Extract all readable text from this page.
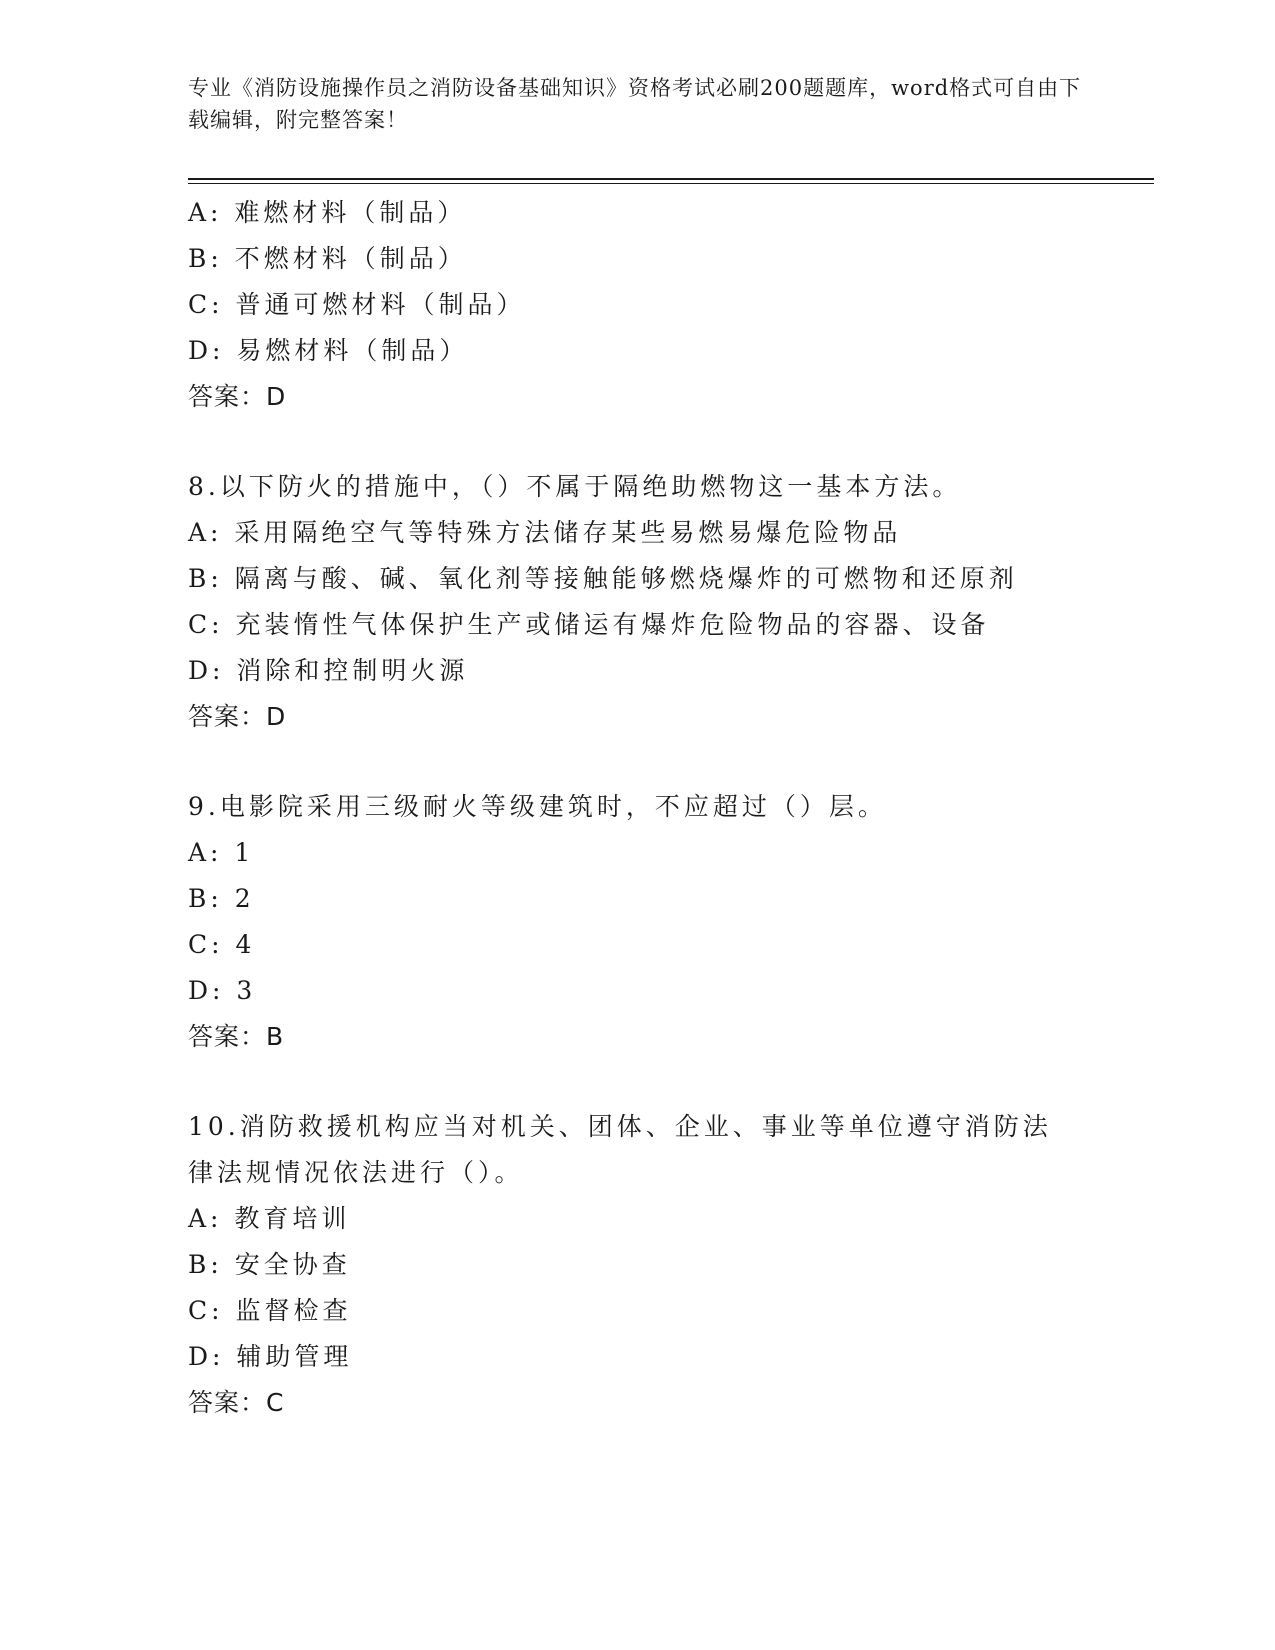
专业《消防设施操作员之消防设备基础知识》资格考试必刷200题题库，word格式可自由下载编辑，附完整答案！
A: 难燃材料（制品）
B: 不燃材料（制品）
C: 普通可燃材料（制品）
D: 易燃材料（制品）
答案：D
8.以下防火的措施中，（）不属于隔绝助燃物这一基本方法。
A: 采用隔绝空气等特殊方法储存某些易燃易爆危险物品
B: 隔离与酸、碱、氧化剂等接触能够燃烧爆炸的可燃物和还原剂
C: 充装惰性气体保护生产或储运有爆炸危险物品的容器、设备
D: 消除和控制明火源
答案：D
9.电影院采用三级耐火等级建筑时，不应超过（）层。
A: 1
B: 2
C: 4
D: 3
答案：B
10.消防救援机构应当对机关、团体、企业、事业等单位遵守消防法律法规情况依法进行（）。
A: 教育培训
B: 安全协查
C: 监督检查
D: 辅助管理
答案：C
